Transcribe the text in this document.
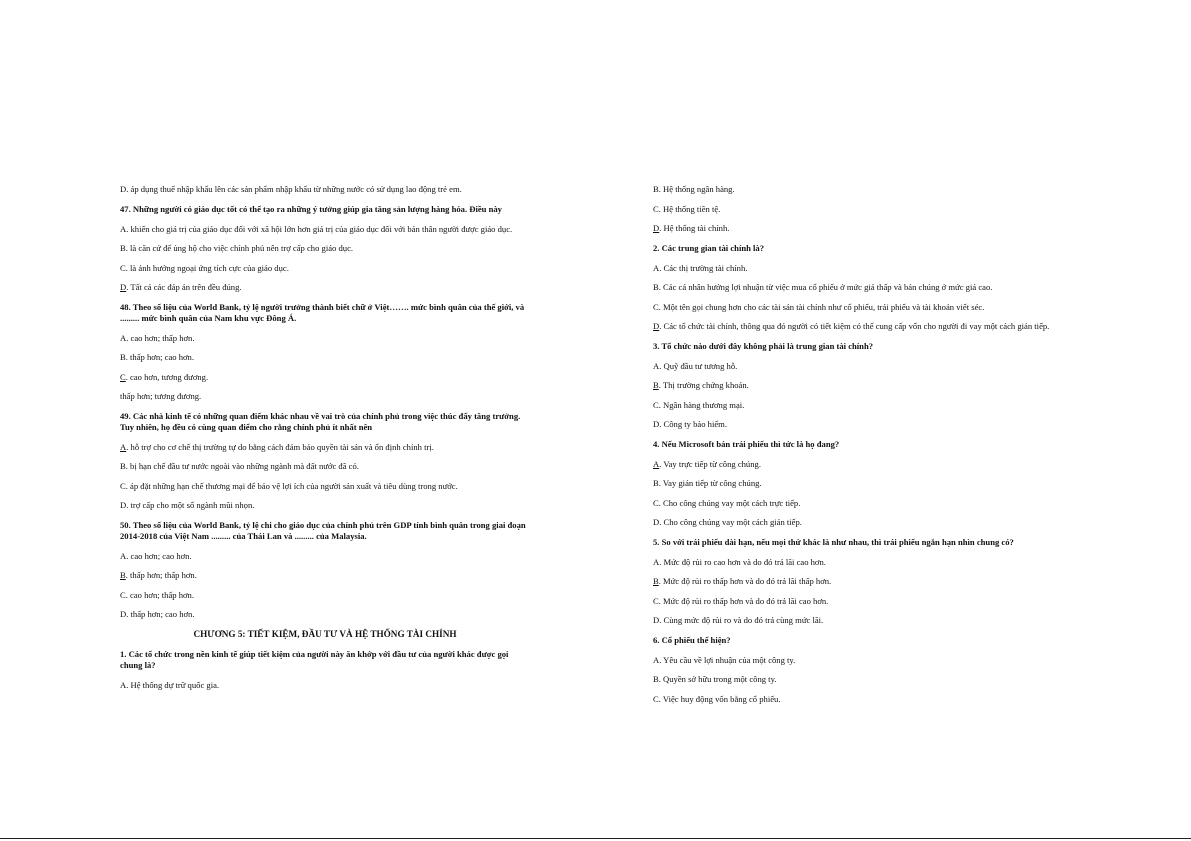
D. áp dụng thuế nhập khẩu lên các sản phẩm nhập khẩu từ những nước có sử dụng lao động trẻ em.

47. Những người có giáo dục tốt có thể tạo ra những ý tưởng giúp gia tăng sản lượng hàng hóa. Điều này

A. khiến cho giá trị của giáo dục đối với xã hội lớn hơn giá trị của giáo dục đối với bản thân người được giáo dục.

B. là căn cứ để ủng hộ cho việc chính phủ nên trợ cấp cho giáo dục.

C. là ảnh hưởng ngoại ứng tích cực của giáo dục.

D. Tất cả các đáp án trên đều đúng.

48. Theo số liệu của World Bank, tỷ lệ người trưởng thành biết chữ ở Việt……. mức bình quân của thế giới, và ......... mức bình quân của Nam khu vực Đông Á.

A. cao hơn; thấp hơn.

B. thấp hơn; cao hơn.

C. cao hơn, tương đương.

thấp hơn; tương đương.

49. Các nhà kinh tế có những quan điểm khác nhau về vai trò của chính phủ trong việc thúc đẩy tăng trưởng. Tuy nhiên, họ đều có cùng quan điểm cho rằng chính phủ ít nhất nên

A. hỗ trợ cho cơ chế thị trường tự do bằng cách đảm bảo quyền tài sản và ổn định chính trị.

B. bị hạn chế đầu tư nước ngoài vào những ngành mà đất nước đã có.

C. áp đặt những hạn chế thương mại để bảo vệ lợi ích của người sản xuất và tiêu dùng trong nước.

D. trợ cấp cho một số ngành mũi nhọn.

50. Theo số liệu của World Bank, tỷ lệ chi cho giáo dục của chính phủ trên GDP tính bình quân trong giai đoạn 2014-2018 của Việt Nam ......... của Thái Lan và ......... của Malaysia.

A. cao hơn; cao hơn.

B. thấp hơn; thấp hơn.

C. cao hơn; thấp hơn.

D. thấp hơn; cao hơn.

CHƯƠNG 5: TIẾT KIỆM, ĐẦU TƯ VÀ HỆ THỐNG TÀI CHÍNH

1. Các tổ chức trong nền kinh tế giúp tiết kiệm của người này ăn khớp với đầu tư của người khác được gọi chung là?

A. Hệ thống dự trữ quốc gia.

B. Hệ thống ngân hàng.

C. Hệ thống tiền tệ.

D. Hệ thống tài chính.

2. Các trung gian tài chính là?

A. Các thị trường tài chính.

B. Các cá nhân hưởng lợi nhuận từ việc mua cổ phiếu ở mức giá thấp và bán chúng ở mức giá cao.

C. Một tên gọi chung hơn cho các tài sản tài chính như cổ phiếu, trái phiếu và tài khoản viết séc.

D. Các tổ chức tài chính, thông qua đó người có tiết kiệm có thể cung cấp vốn cho người đi vay một cách gián tiếp.

3. Tổ chức nào dưới đây không phải là trung gian tài chính?

A. Quỹ đầu tư tương hỗ.

B. Thị trường chứng khoán.

C. Ngân hàng thương mại.

D. Công ty bảo hiểm.

4. Nếu Microsoft bán trái phiếu thì tức là họ đang?

A. Vay trực tiếp từ công chúng.

B. Vay gián tiếp từ công chúng.

C. Cho công chúng vay một cách trực tiếp.

D. Cho công chúng vay một cách gián tiếp.

5. So với trái phiếu dài hạn, nếu mọi thứ khác là như nhau, thì trái phiếu ngắn hạn nhìn chung có?

A. Mức độ rủi ro cao hơn và do đó trả lãi cao hơn.

B. Mức độ rủi ro thấp hơn và do đó trả lãi thấp hơn.

C. Mức độ rủi ro thấp hơn và do đó trả lãi cao hơn.

D. Cùng mức độ rủi ro và do đó trả cùng mức lãi.

6. Cổ phiếu thể hiện?

A. Yêu cầu về lợi nhuận của một công ty.

B. Quyền sở hữu trong một công ty.

C. Việc huy động vốn bằng cổ phiếu.
